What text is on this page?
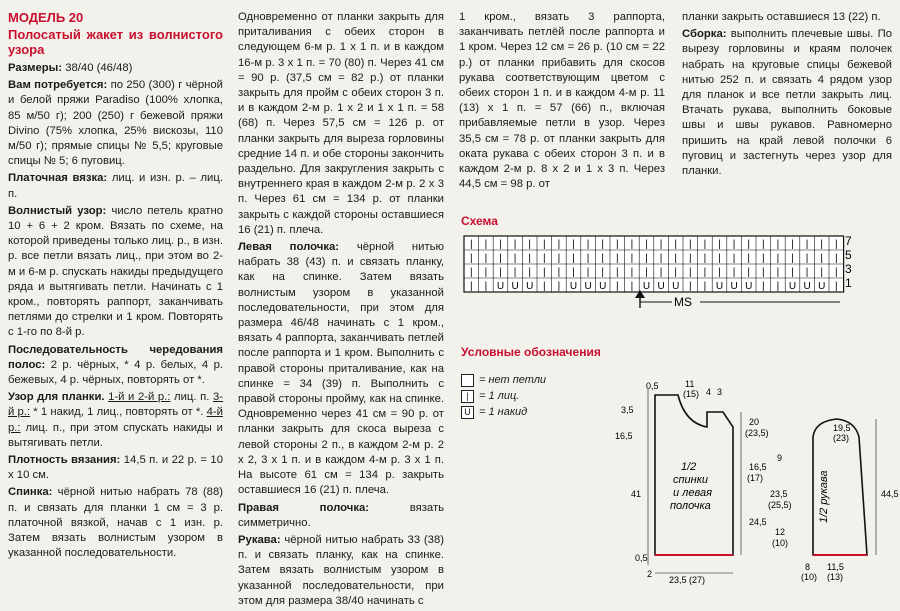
МОДЕЛЬ 20

Полосатый жакет из волнистого узора

Размеры: 38/40 (46/48)

Вам потребуется: по 250 (300) г чёрной и белой пряжи Paradiso (100% хлопка, 85 м/50 г); 200 (250) г бежевой пряжи Divino (75% хлопка, 25% вискозы, 110 м/50 г); прямые спицы № 5,5; круговые спицы № 5; 6 пуговиц.

Платочная вязка: лиц. и изн. р. – лиц. п.

Волнистый узор: число петель кратно 10 + 6 + 2 кром. Вязать по схеме, на которой приведены только лиц. р., в изн. р. все петли вязать лиц., при этом во 2-м и 6-м р. спускать накиды предыдущего ряда и вытягивать петли. Начинать с 1 кром., повторять раппорт, заканчивать петлями до стрелки и 1 кром. Повторять с 1-го по 8-й р.

Последовательность чередования полос: 2 р. чёрных, * 4 р. белых, 4 р. бежевых, 4 р. чёрных, повторять от *.

Узор для планки. 1-й и 2-й р.: лиц. п. 3-й р.: * 1 накид, 1 лиц., повторять от *. 4-й р.: лиц. п., при этом спускать накиды и вытягивать петли.

Плотность вязания: 14,5 п. и 22 р. = 10 х 10 см.

Спинка: чёрной нитью набрать 78 (88) п. и связать для планки 1 см = 3 р. платочной вязкой, начав с 1 изн. р. Затем вязать волнистым узором в указанной последовательности.

Одновременно от планки закрыть для приталивания с обеих сторон в следующем 6-м р. 1 х 1 п. и в каждом 16-м р. 3 х 1 п. = 70 (80) п. Через 41 см = 90 р. (37,5 см = 82 р.) от планки закрыть для пройм с обеих сторон 3 п. и в каждом 2-м р. 1 х 2 и 1 х 1 п. = 58 (68) п. Через 57,5 см = 126 р. от планки закрыть для выреза горловины средние 14 п. и обе стороны закончить раздельно. Для закругления закрыть с внутреннего края в каждом 2-м р. 2 х 3 п. Через 61 см = 134 р. от планки закрыть с каждой стороны оставшиеся 16 (21) п. плеча.

Левая полочка: чёрной нитью набрать 38 (43) п. и связать планку, как на спинке. Затем вязать волнистым узором в указанной последовательности, при этом для размера 46/48 начинать с 1 кром., вязать 4 раппорта, заканчивать петлей после раппорта и 1 кром. Выполнить с правой стороны приталивание, как на спинке = 34 (39) п. Выполнить с правой стороны пройму, как на спинке. Одновременно через 41 см = 90 р. от планки закрыть для скоса выреза с левой стороны 2 п., в каждом 2-м р. 2 х 2, 3 х 1 п. и в каждом 4-м р. 3 х 1 п. На высоте 61 см = 134 р. закрыть оставшиеся 16 (21) п. плеча.

Правая полочка: вязать симметрично.

Рукава: чёрной нитью набрать 33 (38) п. и связать планку, как на спинке. Затем вязать волнистым узором в указанной последовательности, при этом для размера 38/40 начинать с

1 кром., вязать 3 раппорта, заканчивать петлёй после раппорта и 1 кром. Через 12 см = 26 р. (10 см = 22 р.) от планки прибавить для скосов рукава соответствующим цветом с обеих сторон 1 п. и в каждом 4-м р. 11 (13) х 1 п. = 57 (66) п., включая прибавляемые петли в узор. Через 35,5 см = 78 р. от планки закрыть для оката рукава с обеих сторон 3 п. и в каждом 2-м р. 8 х 2 и 1 х 3 п. Через 44,5 см = 98 р. от

планки закрыть оставшиеся 13 (22) п.

Сборка: выполнить плечевые швы. По вырезу горловины и краям полочек набрать на круговые спицы бежевой нитью 252 п. и связать 4 рядом узор для планок и все петли закрыть лиц. Втачать рукава, выполнить боковые швы и швы рукавов. Равномерно пришить на край левой полочки 6 пуговиц и застегнуть через узор для планки.

Схема
| | | | | | | | | | | | | | | | | | | | | | | | | |
| | | | | | | | | | | | | | | | | | | | | | | | | |
| | | | | | | | | | | | | | | | | | | | | | | | | |
| | U U U | | U U U | | U U U | | U U U | | U U U |
7
5
3
1
MS
Условные обозначения
= нет петли
| = 1 лиц.
U = 1 накид
1/2
спинки
и левая
полочка
0,5
3,5
16,5
41
0,5
11
(15) 4 3
20
(23,5)
16,5
(17)
24,5
23,5 (27)
2
1/2 рукава
19,5
(23)
9
23,5
(25,5)
12
(10)
44,5
8
(10)
11,5
(13)
